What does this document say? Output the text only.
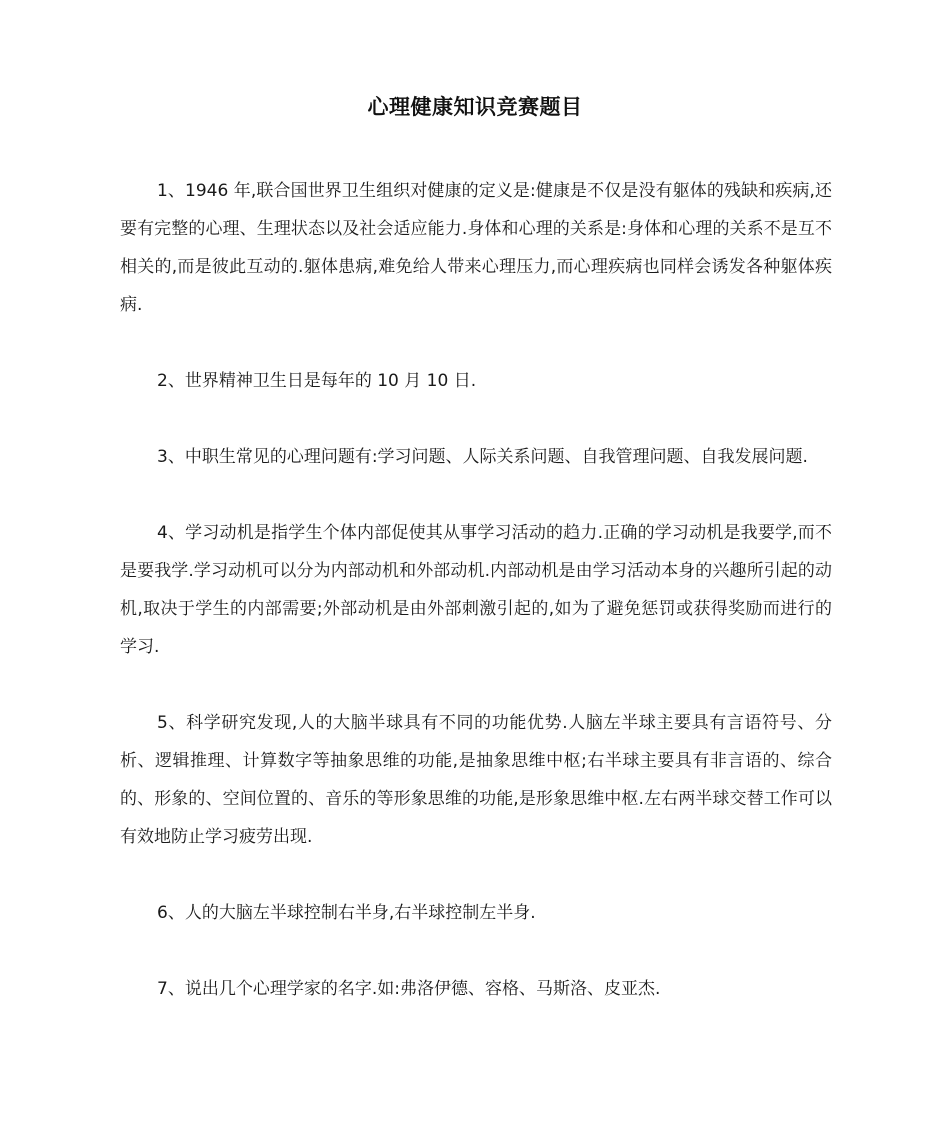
心理健康知识竞赛题目

1、1946 年,联合国世界卫生组织对健康的定义是:健康是不仅是没有躯体的残缺和疾病,还要有完整的心理、生理状态以及社会适应能力.身体和心理的关系是:身体和心理的关系不是互不相关的,而是彼此互动的.躯体患病,难免给人带来心理压力,而心理疾病也同样会诱发各种躯体疾病.

2、世界精神卫生日是每年的 10 月 10 日.

3、中职生常见的心理问题有:学习问题、人际关系问题、自我管理问题、自我发展问题.

4、学习动机是指学生个体内部促使其从事学习活动的趋力.正确的学习动机是我要学,而不是要我学.学习动机可以分为内部动机和外部动机.内部动机是由学习活动本身的兴趣所引起的动机,取决于学生的内部需要;外部动机是由外部刺激引起的,如为了避免惩罚或获得奖励而进行的学习.

5、科学研究发现,人的大脑半球具有不同的功能优势.人脑左半球主要具有言语符号、分析、逻辑推理、计算数字等抽象思维的功能,是抽象思维中枢;右半球主要具有非言语的、综合的、形象的、空间位置的、音乐的等形象思维的功能,是形象思维中枢.左右两半球交替工作可以有效地防止学习疲劳出现.

6、人的大脑左半球控制右半身,右半球控制左半身.

7、说出几个心理学家的名字.如:弗洛伊德、容格、马斯洛、皮亚杰.
